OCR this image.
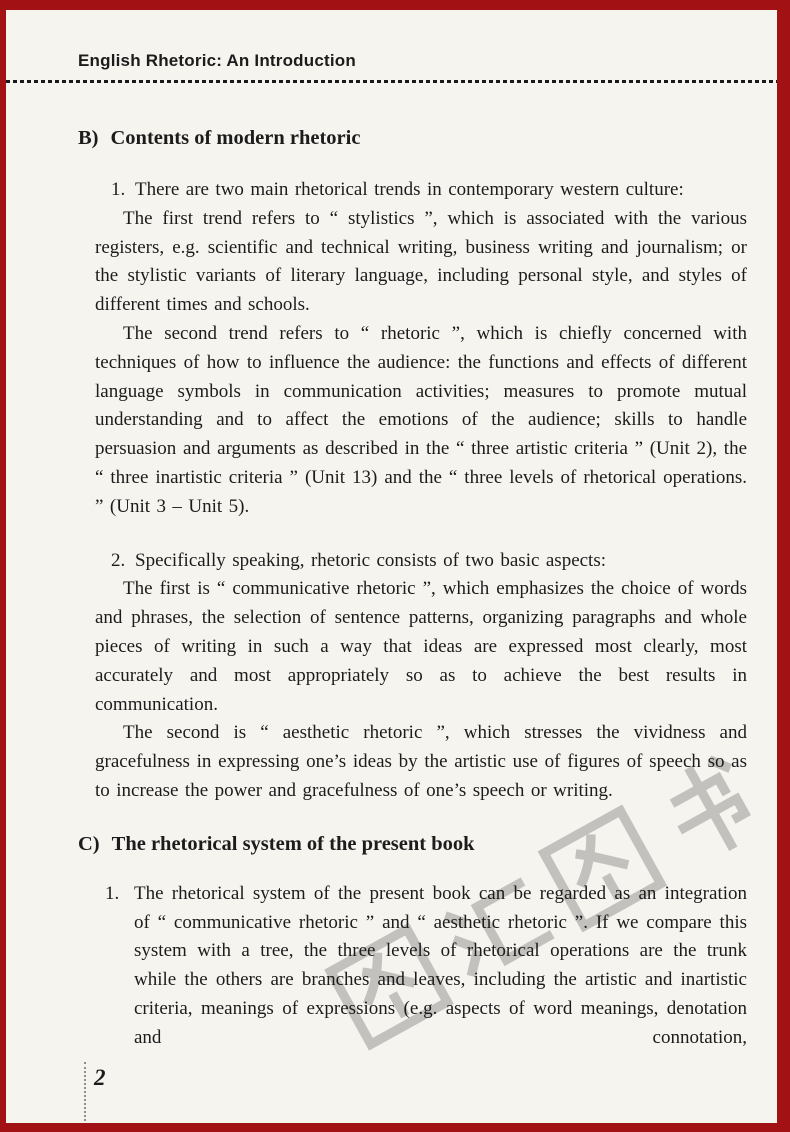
English Rhetoric: An Introduction
B) Contents of modern rhetoric

1. There are two main rhetorical trends in contemporary western culture:

The first trend refers to “ stylistics ”, which is associated with the various registers, e.g. scientific and technical writing, business writing and journalism; or the stylistic variants of literary language, including personal style, and styles of different times and schools.

The second trend refers to “ rhetoric ”, which is chiefly concerned with techniques of how to influence the audience: the functions and effects of different language symbols in communication activities; measures to promote mutual understanding and to affect the emotions of the audience; skills to handle persuasion and arguments as described in the “ three artistic criteria ” (Unit 2), the “ three inartistic criteria ” (Unit 13) and the “ three levels of rhetorical operations. ” (Unit 3 – Unit 5).

2. Specifically speaking, rhetoric consists of two basic aspects:

The first is “ communicative rhetoric ”, which emphasizes the choice of words and phrases, the selection of sentence patterns, organizing paragraphs and whole pieces of writing in such a way that ideas are expressed most clearly, most accurately and most appropriately so as to achieve the best results in communication.

The second is “ aesthetic rhetoric ”, which stresses the vividness and gracefulness in expressing one’s ideas by the artistic use of figures of speech so as to increase the power and gracefulness of one’s speech or writing.

C) The rhetorical system of the present book

1. The rhetorical system of the present book can be regarded as an integration of “ communicative rhetoric ” and “ aesthetic rhetoric ”. If we compare this system with a tree, the three levels of rhetorical operations are the trunk while the others are branches and leaves, including the artistic and inartistic criteria, meanings of expressions (e.g. aspects of word meanings, denotation and connotation,

2
